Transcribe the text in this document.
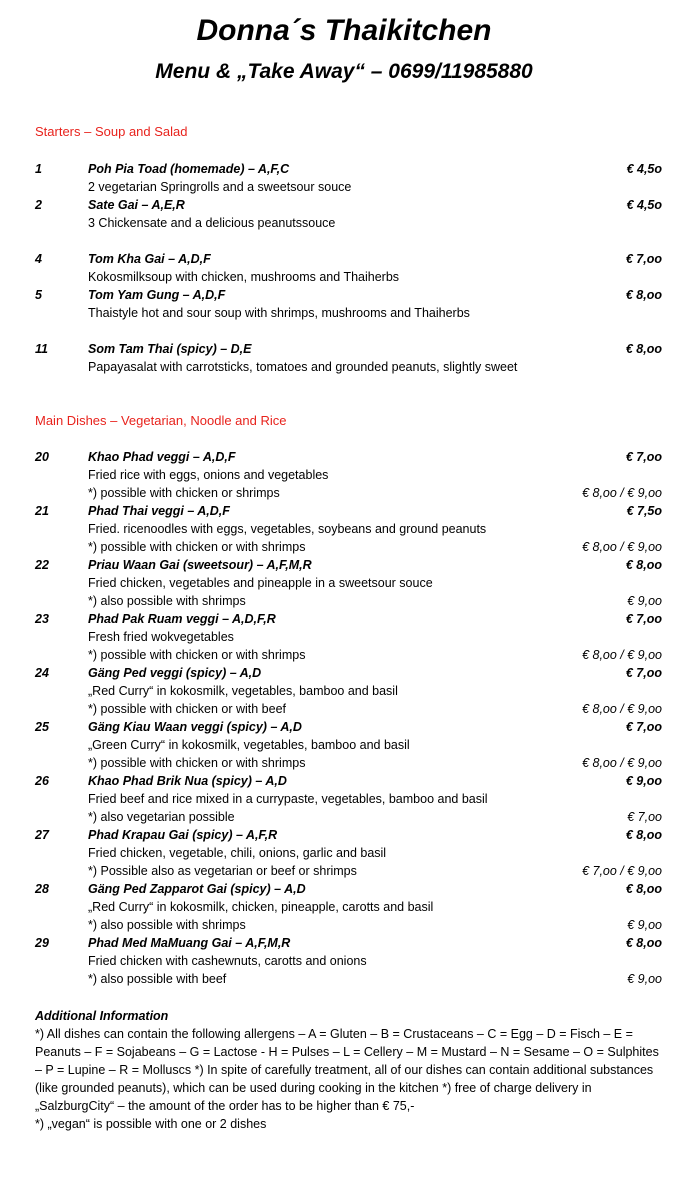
Donna´s Thaikitchen
Menu & „Take Away“ – 0699/11985880
Starters – Soup and Salad
1	Poh Pia Toad (homemade) – A,F,C	€ 4,5o
2 vegetarian Springrolls and a sweetsour souce
2	Sate Gai – A,E,R	€ 4,5o
3 Chickensate and a delicious peanutssouce
4	Tom Kha Gai – A,D,F	€ 7,oo
Kokosmilksoup with chicken, mushrooms and Thaiherbs
5	Tom Yam Gung – A,D,F	€ 8,oo
Thaistyle hot and sour soup with shrimps, mushrooms and Thaiherbs
11	Som Tam Thai (spicy) – D,E	€ 8,oo
Papayasalat with carrotsticks, tomatoes and grounded peanuts, slightly sweet
Main Dishes – Vegetarian, Noodle and Rice
20	Khao Phad veggi – A,D,F	€ 7,oo
Fried rice with eggs, onions and vegetables
*) possible with chicken or shrimps	€ 8,oo / € 9,oo
21	Phad Thai veggi – A,D,F	€ 7,5o
Fried. ricenoodles with eggs, vegetables, soybeans and ground peanuts
*) possible with chicken or with shrimps	€ 8,oo / € 9,oo
22	Priau Waan Gai (sweetsour) – A,F,M,R	€ 8,oo
Fried chicken, vegetables and pineapple in a sweetsour souce
*) also possible with shrimps	€ 9,oo
23	Phad Pak Ruam veggi – A,D,F,R	€ 7,oo
Fresh fried wokvegetables
*) possible with chicken or with shrimps	€ 8,oo / € 9,oo
24	Gäng Ped veggi (spicy) – A,D	€ 7,oo
„Red Curry“ in kokosmilk, vegetables, bamboo and basil
*) possible with chicken or with beef	€ 8,oo / € 9,oo
25	Gäng Kiau Waan veggi (spicy) – A,D	€ 7,oo
„Green Curry“ in kokosmilk, vegetables, bamboo and basil
*) possible with chicken or with shrimps	€ 8,oo / € 9,oo
26	Khao Phad Brik Nua (spicy) – A,D	€ 9,oo
Fried beef and rice mixed in a currypaste, vegetables, bamboo and basil
*) also vegetarian possible	€ 7,oo
27	Phad Krapau Gai (spicy) – A,F,R	€ 8,oo
Fried chicken, vegetable, chili, onions, garlic and basil
*) Possible also as vegetarian or beef or shrimps	€ 7,oo / € 9,oo
28	Gäng Ped Zapparot Gai (spicy) – A,D	€ 8,oo
„Red Curry“ in kokosmilk, chicken, pineapple, carotts and basil
*) also possible with shrimps	€ 9,oo
29	Phad Med MaMuang Gai – A,F,M,R	€ 8,oo
Fried chicken with cashewnuts, carotts and onions
*) also possible with beef	€ 9,oo
Additional Information
*) All dishes can contain the following allergens – A = Gluten – B = Crustaceans – C = Egg – D = Fisch – E = Peanuts – F = Sojabeans – G = Lactose - H = Pulses – L = Cellery – M = Mustard – N = Sesame – O = Sulphites – P = Lupine – R = Molluscs *) In spite of carefully treatment, all of our dishes can contain additional substances (like grounded peanuts), which can be used during cooking in the kitchen *) free of charge delivery in „SalzburgCity“ – the amount of the order has to be higher than € 75,-
*) „vegan“ is possible with one or 2 dishes
